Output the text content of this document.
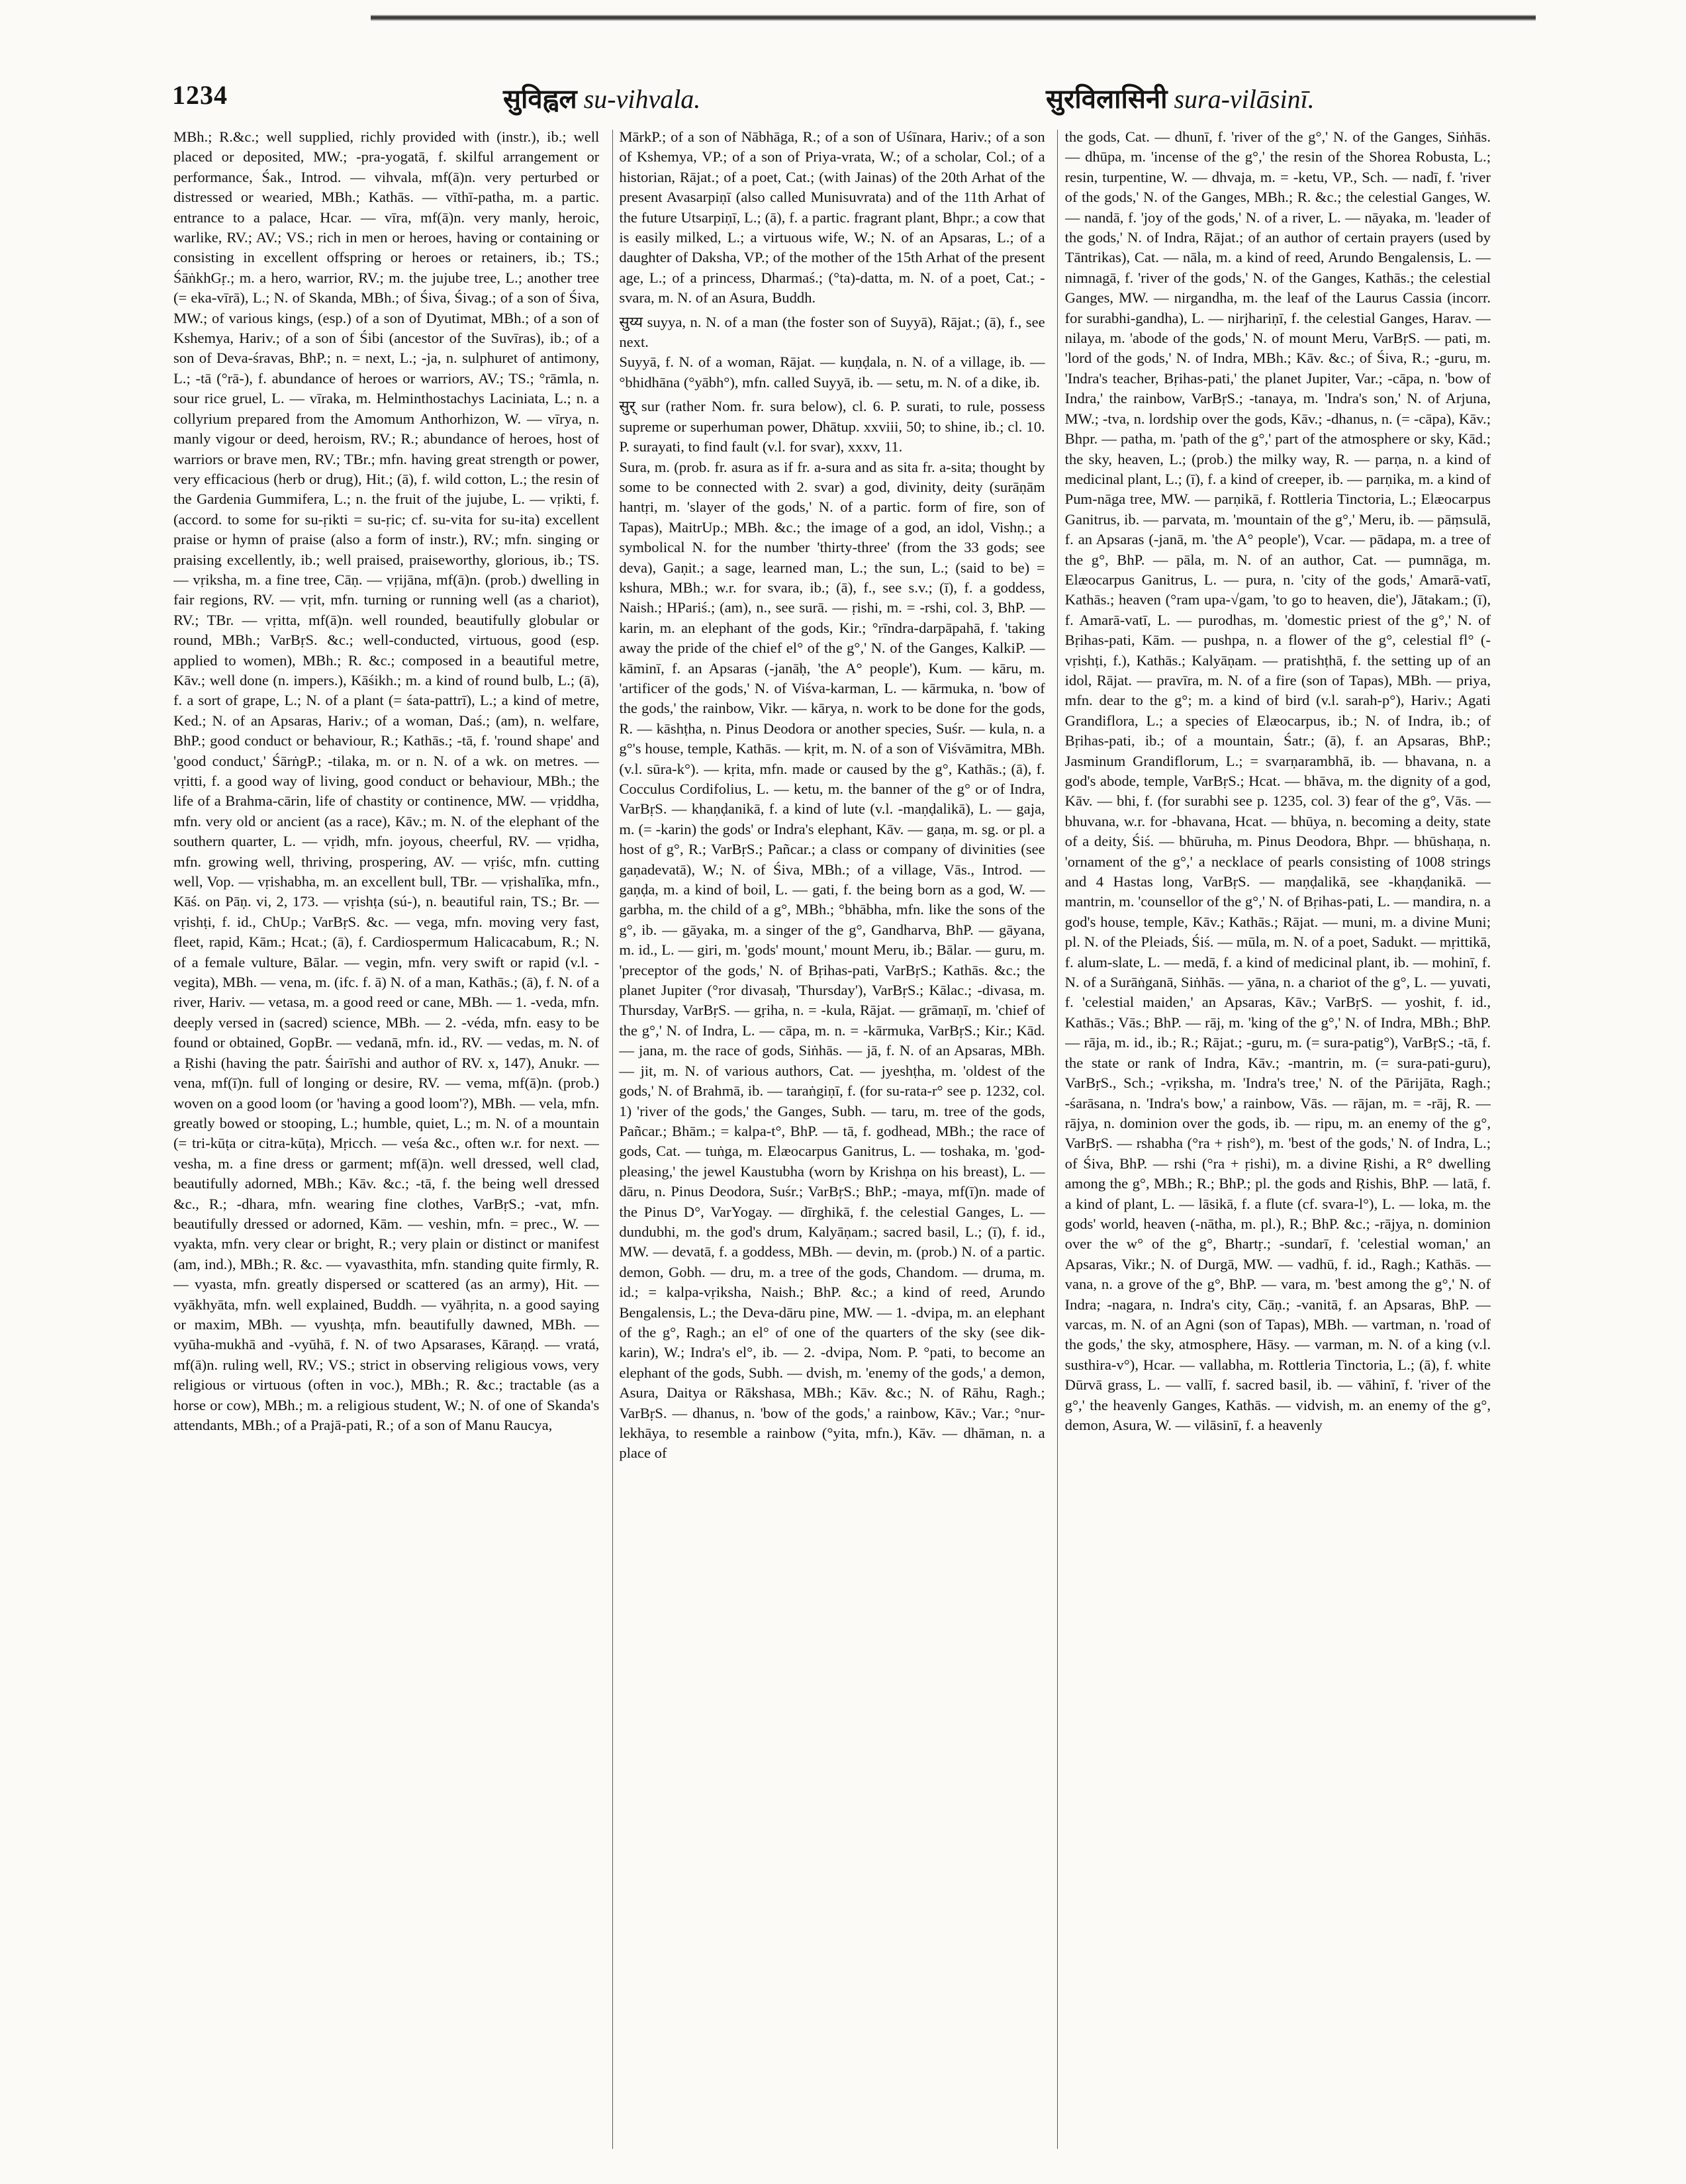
1234	सुविह्वल su-vihvala.	सुरविलासिनी sura-vilāsinī.

MBh.; R.&c.; well supplied, richly provided with (instr.), ib.; well placed or deposited, MW.; -pra-yogatā, f. skilful arrangement or performance, Śak., Introd. — vihvala, mf(ā)n. very perturbed or distressed or wearied, MBh.; Kathās. — vīthī-patha, m. a partic. entrance to a palace, Hcar. — vīra, mf(ā)n. very manly, heroic, warlike, RV.; AV.; VS.; rich in men or heroes, having or containing or consisting in excellent offspring or heroes or retainers, ib.; TS.; ŚāṅkhGṛ.; m. a hero, warrior, RV.; m. the jujube tree, L.; another tree (= eka-vīrā), L.; N. of Skanda, MBh.; of Śiva, Śivag.; of a son of Śiva, MW.; of various kings, (esp.) of a son of Dyutimat, MBh.; of a son of Kshemya, Hariv.; of a son of Śibi (ancestor of the Suvīras), ib.; of a son of Deva-śravas, BhP.; n. = next, L.; -ja, n. sulphuret of antimony, L.; -tā (°rā-), f. abundance of heroes or warriors, AV.; TS.; °rāmla, n. sour rice gruel, L. — vīraka, m. Helminthostachys Laciniata, L.; n. a collyrium prepared from the Amomum Anthorhizon, W. — vīrya, n. manly vigour or deed, heroism, RV.; R.; abundance of heroes, host of warriors or brave men, RV.; TBr.; mfn. having great strength or power, very efficacious (herb or drug), Hit.; (ā), f. wild cotton, L.; the resin of the Gardenia Gummifera, L.; n. the fruit of the jujube, L. — vṛikti, f. (accord. to some for su-ṛikti = su-ṛic; cf. su-vita for su-ita) excellent praise or hymn of praise (also a form of instr.), RV.; mfn. singing or praising excellently, ib.; well praised, praiseworthy, glorious, ib.; TS. — vṛiksha, m. a fine tree, Cāṇ. — vṛijāna, mf(ā)n. (prob.) dwelling in fair regions, RV. — vṛit, mfn. turning or running well (as a chariot), RV.; TBr. — vṛitta, mf(ā)n. well rounded, beautifully globular or round, MBh.; VarBṛS. &c.; well-conducted, virtuous, good (esp. applied to women), MBh.; R. &c.; composed in a beautiful metre, Kāv.; well done (n. impers.), Kāśikh.; m. a kind of round bulb, L.; (ā), f. a sort of grape, L.; N. of a plant (= śata-pattrī), L.; a kind of metre, Ked.; N. of an Apsaras, Hariv.; of a woman, Daś.; (am), n. welfare, BhP.; good conduct or behaviour, R.; Kathās.; -tā, f. 'round shape' and 'good conduct,' ŚārṅgP.; -tilaka, m. or n. N. of a wk. on metres. — vṛitti, f. a good way of living, good conduct or behaviour, MBh.; the life of a Brahma-cārin, life of chastity or continence, MW. — vṛiddha, mfn. very old or ancient (as a race), Kāv.; m. N. of the elephant of the southern quarter, L. — vṛidh, mfn. joyous, cheerful, RV. — vṛidha, mfn. growing well, thriving, prospering, AV. — vṛiśc, mfn. cutting well, Vop. — vṛishabha, m. an excellent bull, TBr. — vṛishalīka, mfn., Kāś. on Pāṇ. vi, 2, 173. — vṛishṭa (sú-), n. beautiful rain, TS.; Br. — vṛishṭi, f. id., ChUp.; VarBṛS. &c. — vega, mfn. moving very fast, fleet, rapid, Kām.; Hcat.; (ā), f. Cardiospermum Halicacabum, R.; N. of a female vulture, Bālar. — vegin, mfn. very swift or rapid (v.l. -vegita), MBh. — vena, m. (ifc. f. ā) N. of a man, Kathās.; (ā), f. N. of a river, Hariv. — vetasa, m. a good reed or cane, MBh. — 1. -veda, mfn. deeply versed in (sacred) science, MBh. — 2. -véda, mfn. easy to be found or obtained, GopBr. — vedanā, mfn. id., RV. — vedas, m. N. of a Ṛishi (having the patr. Śairīshi and author of RV. x, 147), Anukr. — vena, mf(ī)n. full of longing or desire, RV. — vema, mf(ā)n. (prob.) woven on a good loom (or 'having a good loom'?), MBh. — vela, mfn. greatly bowed or stooping, L.; humble, quiet, L.; m. N. of a mountain (= tri-kūṭa or citra-kūṭa), Mṛicch. — veśa &c., often w.r. for next. — vesha, m. a fine dress or garment; mf(ā)n. well dressed, well clad, beautifully adorned, MBh.; Kāv. &c.; -tā, f. the being well dressed &c., R.; -dhara, mfn. wearing fine clothes, VarBṛS.; -vat, mfn. beautifully dressed or adorned, Kām. — veshin, mfn. = prec., W. — vyakta, mfn. very clear or bright, R.; very plain or distinct or manifest (am, ind.), MBh.; R. &c. — vyavasthita, mfn. standing quite firmly, R. — vyasta, mfn. greatly dispersed or scattered (as an army), Hit. — vyākhyāta, mfn. well explained, Buddh. — vyāhṛita, n. a good saying or maxim, MBh. — vyushṭa, mfn. beautifully dawned, MBh. — vyūha-mukhā and -vyūhā, f. N. of two Apsarases, Kāraṇḍ. — vratá, mf(ā)n. ruling well, RV.; VS.; strict in observing religious vows, very religious or virtuous (often in voc.), MBh.; R. &c.; tractable (as a horse or cow), MBh.; m. a religious student, W.; N. of one of Skanda's attendants, MBh.; of a Prajā-pati, R.; of a son of Manu Raucya,

MārkP.; of a son of Nābhāga, R.; of a son of Uśīnara, Hariv.; of a son of Kshemya, VP.; of a son of Priya-vrata, W.; of a scholar, Col.; of a historian, Rājat.; of a poet, Cat.; (with Jainas) of the 20th Arhat of the present Avasarpiṇī (also called Munisuvrata) and of the 11th Arhat of the future Utsarpiṇī, L.; (ā), f. a partic. fragrant plant, Bhpr.; a cow that is easily milked, L.; a virtuous wife, W.; N. of an Apsaras, L.; of a daughter of Daksha, VP.; of the mother of the 15th Arhat of the present age, L.; of a princess, Dharmaś.; (°ta)-datta, m. N. of a poet, Cat.; -svara, m. N. of an Asura, Buddh.

सुय्य suyya, n. N. of a man (the foster son of Suyyā), Rājat.; (ā), f., see next.

Suyyā, f. N. of a woman, Rājat. — kuṇḍala, n. N. of a village, ib. — °bhidhāna (°yābh°), mfn. called Suyyā, ib. — setu, m. N. of a dike, ib.

सुर् sur (rather Nom. fr. sura below), cl. 6. P. surati, to rule, possess supreme or superhuman power, Dhātup. xxviii, 50; to shine, ib.; cl. 10. P. surayati, to find fault (v.l. for svar), xxxv, 11.

Sura, m. (prob. fr. asura as if fr. a-sura and as sita fr. a-sita; thought by some to be connected with 2. svar) a god, divinity, deity (surāṇām hantṛi, m. 'slayer of the gods,' N. of a partic. form of fire, son of Tapas), MaitrUp.; MBh. &c.; the image of a god, an idol, Vishṇ.; a symbolical N. for the number 'thirty-three' (from the 33 gods; see deva), Gaṇit.; a sage, learned man, L.; the sun, L.; (said to be) = kshura, MBh.; w.r. for svara, ib.; (ā), f., see s.v.; (ī), f. a goddess, Naish.; HPariś.; (am), n., see surā. — ṛishi, m. = -rshi, col. 3, BhP. — karin, m. an elephant of the gods, Kir.; °rīndra-darpāpahā, f. 'taking away the pride of the chief el° of the g°,' N. of the Ganges, KalkiP. — kāminī, f. an Apsaras (-janāḥ, 'the A° people'), Kum. — kāru, m. 'artificer of the gods,' N. of Viśva-karman, L. — kārmuka, n. 'bow of the gods,' the rainbow, Vikr. — kārya, n. work to be done for the gods, R. — kāshṭha, n. Pinus Deodora or another species, Suśr. — kula, n. a g°'s house, temple, Kathās. — kṛit, m. N. of a son of Viśvāmitra, MBh. (v.l. sūra-k°). — kṛita, mfn. made or caused by the g°, Kathās.; (ā), f. Cocculus Cordifolius, L. — ketu, m. the banner of the g° or of Indra, VarBṛS. — khaṇḍanikā, f. a kind of lute (v.l. -maṇḍalikā), L. — gaja, m. (= -karin) the gods' or Indra's elephant, Kāv. — gaṇa, m. sg. or pl. a host of g°, R.; VarBṛS.; Pañcar.; a class or company of divinities (see gaṇadevatā), W.; N. of Śiva, MBh.; of a village, Vās., Introd. — gaṇḍa, m. a kind of boil, L. — gati, f. the being born as a god, W. — garbha, m. the child of a g°, MBh.; °bhābha, mfn. like the sons of the g°, ib. — gāyaka, m. a singer of the g°, Gandharva, BhP. — gāyana, m. id., L. — giri, m. 'gods' mount,' mount Meru, ib.; Bālar. — guru, m. 'preceptor of the gods,' N. of Bṛihas-pati, VarBṛS.; Kathās. &c.; the planet Jupiter (°ror divasaḥ, 'Thursday'), VarBṛS.; Kālac.; -divasa, m. Thursday, VarBṛS. — gṛiha, n. = -kula, Rājat. — grāmaṇī, m. 'chief of the g°,' N. of Indra, L. — cāpa, m. n. = -kārmuka, VarBṛS.; Kir.; Kād. — jana, m. the race of gods, Siṅhās. — jā, f. N. of an Apsaras, MBh. — jit, m. N. of various authors, Cat. — jyeshṭha, m. 'oldest of the gods,' N. of Brahmā, ib. — taraṅgiṇī, f. (for su-rata-r° see p. 1232, col. 1) 'river of the gods,' the Ganges, Subh. — taru, m. tree of the gods, Pañcar.; Bhām.; = kalpa-t°, BhP. — tā, f. godhead, MBh.; the race of gods, Cat. — tuṅga, m. Elæocarpus Ganitrus, L. — toshaka, m. 'god-pleasing,' the jewel Kaustubha (worn by Krishṇa on his breast), L. — dāru, n. Pinus Deodora, Suśr.; VarBṛS.; BhP.; -maya, mf(ī)n. made of the Pinus D°, VarYogay. — dīrghikā, f. the celestial Ganges, L. — dundubhi, m. the god's drum, Kalyāṇam.; sacred basil, L.; (ī), f. id., MW. — devatā, f. a goddess, MBh. — devin, m. (prob.) N. of a partic. demon, Gobh. — dru, m. a tree of the gods, Chandom. — druma, m. id.; = kalpa-vṛiksha, Naish.; BhP. &c.; a kind of reed, Arundo Bengalensis, L.; the Deva-dāru pine, MW. — 1. -dvipa, m. an elephant of the g°, Ragh.; an el° of one of the quarters of the sky (see dik-karin), W.; Indra's el°, ib. — 2. -dvipa, Nom. P. °pati, to become an elephant of the gods, Subh. — dvish, m. 'enemy of the gods,' a demon, Asura, Daitya or Rākshasa, MBh.; Kāv. &c.; N. of Rāhu, Ragh.; VarBṛS. — dhanus, n. 'bow of the gods,' a rainbow, Kāv.; Var.; °nur-lekhāya, to resemble a rainbow (°yita, mfn.), Kāv. — dhāman, n. a place of

the gods, Cat. — dhunī, f. 'river of the g°,' N. of the Ganges, Siṅhās. — dhūpa, m. 'incense of the g°,' the resin of the Shorea Robusta, L.; resin, turpentine, W. — dhvaja, m. = -ketu, VP., Sch. — nadī, f. 'river of the gods,' N. of the Ganges, MBh.; R. &c.; the celestial Ganges, W. — nandā, f. 'joy of the gods,' N. of a river, L. — nāyaka, m. 'leader of the gods,' N. of Indra, Rājat.; of an author of certain prayers (used by Tāntrikas), Cat. — nāla, m. a kind of reed, Arundo Bengalensis, L. — nimnagā, f. 'river of the gods,' N. of the Ganges, Kathās.; the celestial Ganges, MW. — nirgandha, m. the leaf of the Laurus Cassia (incorr. for surabhi-gandha), L. — nirjhariṇī, f. the celestial Ganges, Harav. — nilaya, m. 'abode of the gods,' N. of mount Meru, VarBṛS. — pati, m. 'lord of the gods,' N. of Indra, MBh.; Kāv. &c.; of Śiva, R.; -guru, m. 'Indra's teacher, Bṛihas-pati,' the planet Jupiter, Var.; -cāpa, n. 'bow of Indra,' the rainbow, VarBṛS.; -tanaya, m. 'Indra's son,' N. of Arjuna, MW.; -tva, n. lordship over the gods, Kāv.; -dhanus, n. (= -cāpa), Kāv.; Bhpr. — patha, m. 'path of the g°,' part of the atmosphere or sky, Kād.; the sky, heaven, L.; (prob.) the milky way, R. — parṇa, n. a kind of medicinal plant, L.; (ī), f. a kind of creeper, ib. — parṇika, m. a kind of Pum-nāga tree, MW. — parṇikā, f. Rottleria Tinctoria, L.; Elæocarpus Ganitrus, ib. — parvata, m. 'mountain of the g°,' Meru, ib. — pāṃsulā, f. an Apsaras (-janā, m. 'the A° people'), Vcar. — pādapa, m. a tree of the g°, BhP. — pāla, m. N. of an author, Cat. — pumnāga, m. Elæocarpus Ganitrus, L. — pura, n. 'city of the gods,' Amarā-vatī, Kathās.; heaven (°ram upa-√gam, 'to go to heaven, die'), Jātakam.; (ī), f. Amarā-vatī, L. — purodhas, m. 'domestic priest of the g°,' N. of Bṛihas-pati, Kām. — pushpa, n. a flower of the g°, celestial fl° (-vṛishṭi, f.), Kathās.; Kalyāṇam. — pratishṭhā, f. the setting up of an idol, Rājat. — pravīra, m. N. of a fire (son of Tapas), MBh. — priya, mfn. dear to the g°; m. a kind of bird (v.l. sarah-p°), Hariv.; Agati Grandiflora, L.; a species of Elæocarpus, ib.; N. of Indra, ib.; of Bṛihas-pati, ib.; of a mountain, Śatr.; (ā), f. an Apsaras, BhP.; Jasminum Grandiflorum, L.; = svarṇarambhā, ib. — bhavana, n. a god's abode, temple, VarBṛS.; Hcat. — bhāva, m. the dignity of a god, Kāv. — bhi, f. (for surabhi see p. 1235, col. 3) fear of the g°, Vās. — bhuvana, w.r. for -bhavana, Hcat. — bhūya, n. becoming a deity, state of a deity, Śiś. — bhūruha, m. Pinus Deodora, Bhpr. — bhūshaṇa, n. 'ornament of the g°,' a necklace of pearls consisting of 1008 strings and 4 Hastas long, VarBṛS. — maṇḍalikā, see -khaṇḍanikā. — mantrin, m. 'counsellor of the g°,' N. of Bṛihas-pati, L. — mandira, n. a god's house, temple, Kāv.; Kathās.; Rājat. — muni, m. a divine Muni; pl. N. of the Pleiads, Śiś. — mūla, m. N. of a poet, Sadukt. — mṛittikā, f. alum-slate, L. — medā, f. a kind of medicinal plant, ib. — mohinī, f. N. of a Surāṅganā, Siṅhās. — yāna, n. a chariot of the g°, L. — yuvati, f. 'celestial maiden,' an Apsaras, Kāv.; VarBṛS. — yoshit, f. id., Kathās.; Vās.; BhP. — rāj, m. 'king of the g°,' N. of Indra, MBh.; BhP. — rāja, m. id., ib.; R.; Rājat.; -guru, m. (= sura-patig°), VarBṛS.; -tā, f. the state or rank of Indra, Kāv.; -mantrin, m. (= sura-pati-guru), VarBṛS., Sch.; -vṛiksha, m. 'Indra's tree,' N. of the Pārijāta, Ragh.; -śarāsana, n. 'Indra's bow,' a rainbow, Vās. — rājan, m. = -rāj, R. — rājya, n. dominion over the gods, ib. — ripu, m. an enemy of the g°, VarBṛS. — rshabha (°ra + ṛish°), m. 'best of the gods,' N. of Indra, L.; of Śiva, BhP. — rshi (°ra + ṛishi), m. a divine Ṛishi, a R° dwelling among the g°, MBh.; R.; BhP.; pl. the gods and Ṛishis, BhP. — latā, f. a kind of plant, L. — lāsikā, f. a flute (cf. svara-l°), L. — loka, m. the gods' world, heaven (-nātha, m. pl.), R.; BhP. &c.; -rājya, n. dominion over the w° of the g°, Bhartṛ.; -sundarī, f. 'celestial woman,' an Apsaras, Vikr.; N. of Durgā, MW. — vadhū, f. id., Ragh.; Kathās. — vana, n. a grove of the g°, BhP. — vara, m. 'best among the g°,' N. of Indra; -nagara, n. Indra's city, Cāṇ.; -vanitā, f. an Apsaras, BhP. — varcas, m. N. of an Agni (son of Tapas), MBh. — vartman, n. 'road of the gods,' the sky, atmosphere, Hāsy. — varman, m. N. of a king (v.l. susthira-v°), Hcar. — vallabha, m. Rottleria Tinctoria, L.; (ā), f. white Dūrvā grass, L. — vallī, f. sacred basil, ib. — vāhinī, f. 'river of the g°,' the heavenly Ganges, Kathās. — vidvish, m. an enemy of the g°, demon, Asura, W. — vilāsinī, f. a heavenly
